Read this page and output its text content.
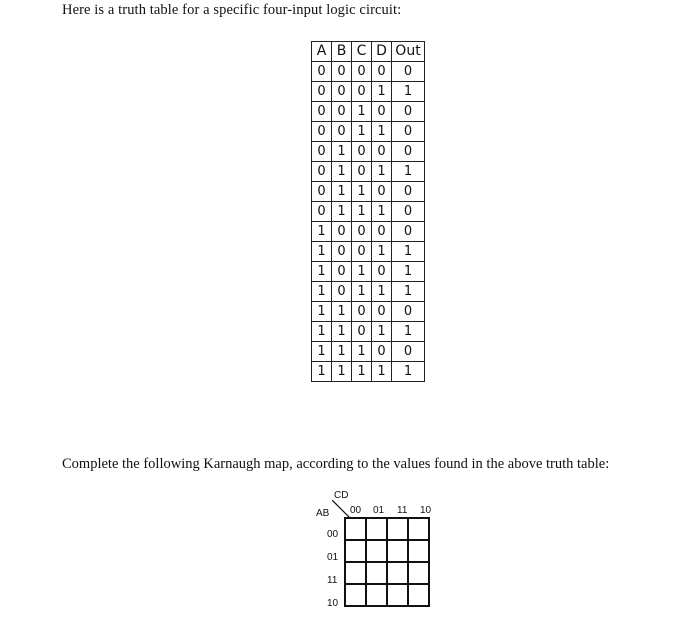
Here is a truth table for a specific four-input logic circuit:
A	B	C	D	Out
0	0	0	0	0
0	0	0	1	1
0	0	1	0	0
0	0	1	1	0
0	1	0	0	0
0	1	0	1	1
0	1	1	0	0
0	1	1	1	0
1	0	0	0	0
1	0	0	1	1
1	0	1	0	1
1	0	1	1	1
1	1	0	0	0
1	1	0	1	1
1	1	1	0	0
1	1	1	1	1
Complete the following Karnaugh map, according to the values found in the above truth table:
CD
AB 00 01 11 10
00
01
11
10
